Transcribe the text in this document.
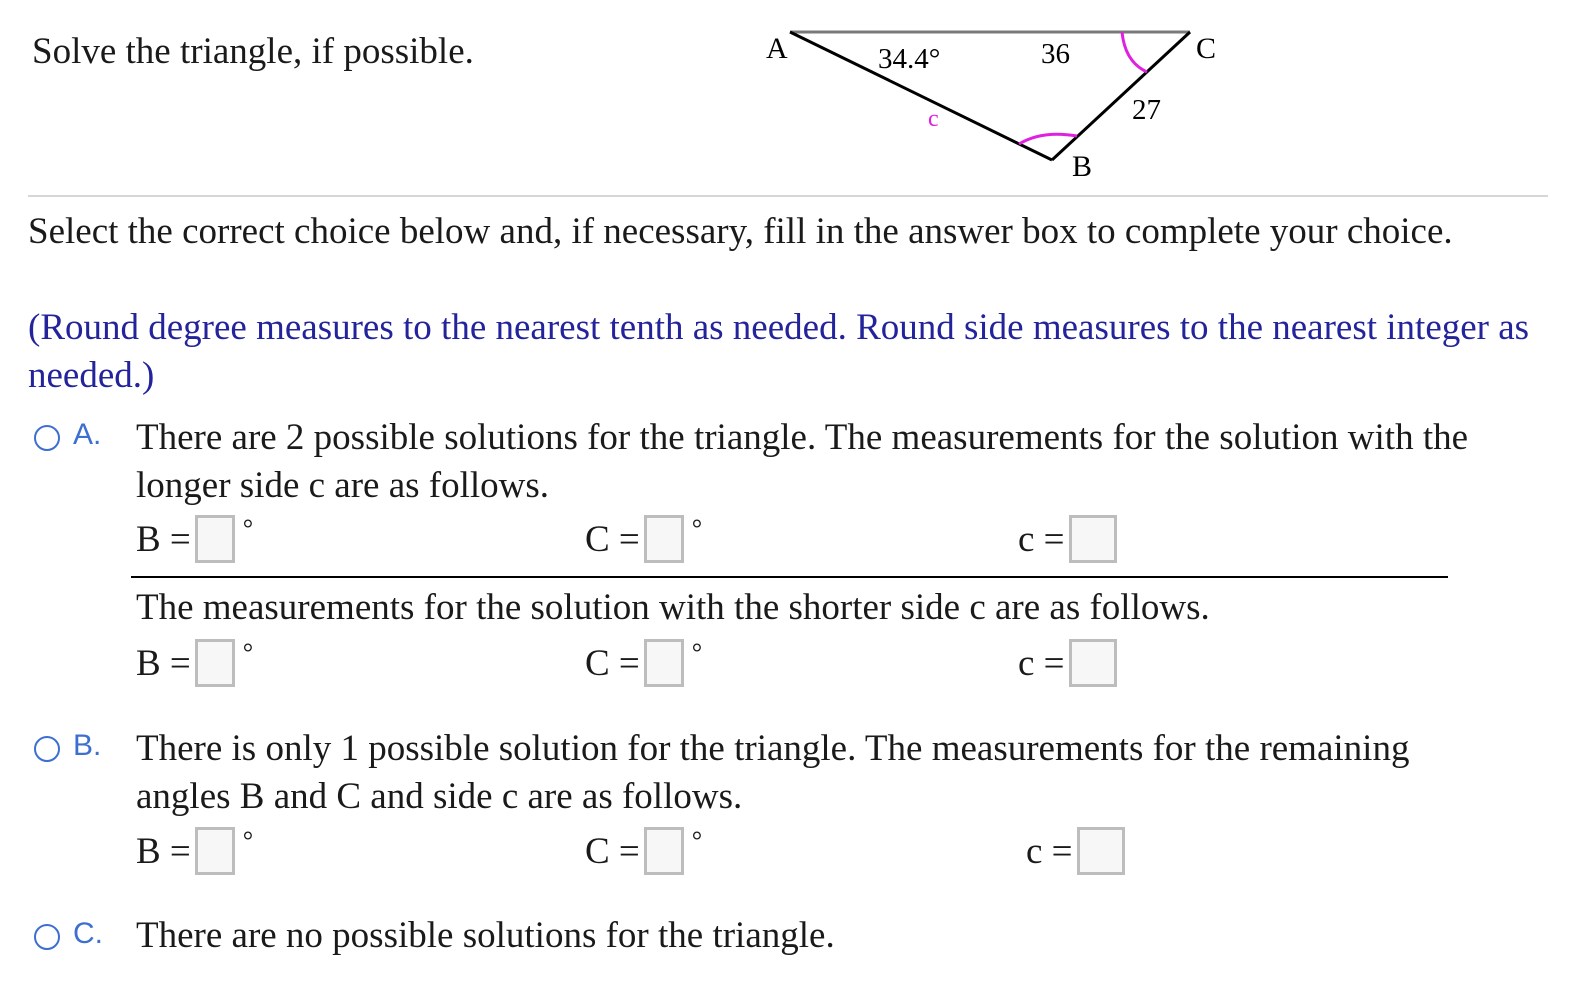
Solve the triangle, if possible.	A	C
B
34.4°	36
27
c
Select the correct choice below and, if necessary, fill in the answer box to complete your choice.
(Round degree measures to the nearest tenth as needed. Round side measures to the nearest integer as needed.)
A. There are 2 possible solutions for the triangle. The measurements for the solution with the longer side c are as follows.
B = °	C = °	c =
The measurements for the solution with the shorter side c are as follows.
B = °	C = °	c =
B. There is only 1 possible solution for the triangle. The measurements for the remaining angles B and C and side c are as follows.
B = °	C = °	c =
C. There are no possible solutions for the triangle.
